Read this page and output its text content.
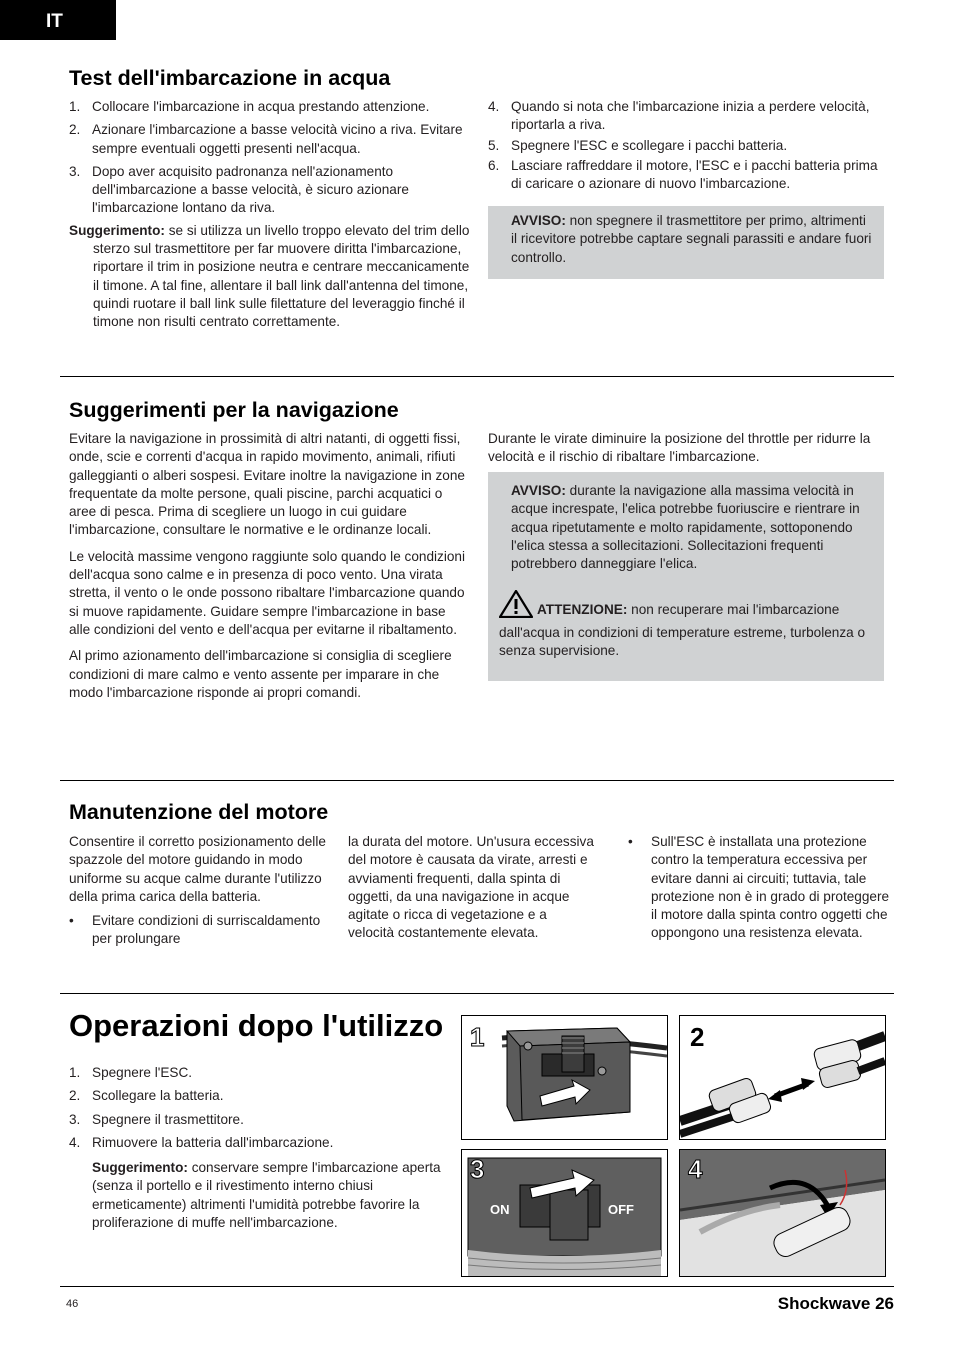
IT
Test dell'imbarcazione in acqua
1. Collocare l'imbarcazione in acqua prestando attenzione.
2. Azionare l'imbarcazione a basse velocità vicino a riva. Evitare sempre eventuali oggetti presenti nell'acqua.
3. Dopo aver acquisito padronanza nell'azionamento dell'imbarcazione a basse velocità, è sicuro azionare l'imbarcazione lontano da riva.

Suggerimento: se si utilizza un livello troppo elevato del trim dello sterzo sul trasmettitore per far muovere diritta l'imbarcazione, riportare il trim in posizione neutra e centrare meccanicamente il timone. A tal fine, allentare il ball link dall'antenna del timone, quindi ruotare il ball link sulle filettature del leveraggio finché il timone non risulti centrato correttamente.

4. Quando si nota che l'imbarcazione inizia a perdere velocità, riportarla a riva.
5. Spegnere l'ESC e scollegare i pacchi batteria.
6. Lasciare raffreddare il motore, l'ESC e i pacchi batteria prima di caricare o azionare di nuovo l'imbarcazione.
AVVISO: non spegnere il trasmettitore per primo, altrimenti il ricevitore potrebbe captare segnali parassiti e andare fuori controllo.
Suggerimenti per la navigazione

Evitare la navigazione in prossimità di altri natanti, di oggetti fissi, onde, scie e correnti d'acqua in rapido movimento, animali, rifiuti galleggianti o alberi sospesi. Evitare inoltre la navigazione in zone frequentate da molte persone, quali piscine, parchi acquatici o aree di pesca. Prima di scegliere un luogo in cui guidare l'imbarcazione, consultare le normative e le ordinanze locali.

Le velocità massime vengono raggiunte solo quando le condizioni dell'acqua sono calme e in presenza di poco vento. Una virata stretta, il vento o le onde possono ribaltare l'imbarcazione quando si muove rapidamente. Guidare sempre l'imbarcazione in base alle condizioni del vento e dell'acqua per evitarne il ribaltamento.

Al primo azionamento dell'imbarcazione si consiglia di scegliere condizioni di mare calmo e vento assente per imparare in che modo l'imbarcazione risponde ai propri comandi.

Durante le virate diminuire la posizione del throttle per ridurre la velocità e il rischio di ribaltare l'imbarcazione.

AVVISO: durante la navigazione alla massima velocità in acque increspate, l'elica potrebbe fuoriuscire e rientrare in acqua ripetutamente e molto rapidamente, sottoponendo l'elica stessa a sollecitazioni. Sollecitazioni frequenti potrebbero danneggiare l'elica.

ATTENZIONE: non recuperare mai l'imbarcazione dall'acqua in condizioni di temperature estreme, turbolenza o senza supervisione.

Manutenzione del motore

Consentire il corretto posizionamento delle spazzole del motore guidando in modo uniforme su acque calme durante l'utilizzo della prima carica della batteria.

• Evitare condizioni di surriscaldamento per prolungare

la durata del motore. Un'usura eccessiva del motore è causata da virate, arresti e avviamenti frequenti, dalla spinta di oggetti, da una navigazione in acque agitate o ricca di vegetazione e a velocità costantemente elevata.

• Sull'ESC è installata una protezione contro la temperatura eccessiva per evitare danni ai circuiti; tuttavia, tale protezione non è in grado di proteggere il motore dalla spinta contro oggetti che oppongono una resistenza elevata.
Operazioni dopo l'utilizzo
1. Spegnere l'ESC.
2. Scollegare la batteria.
3. Spegnere il trasmettitore.
4. Rimuovere la batteria dall'imbarcazione.

Suggerimento: conservare sempre l'imbarcazione aperta (senza il portello e il rivestimento interno chiusi ermeticamente) altrimenti l'umidità potrebbe favorire la proliferazione di muffe nell'imbarcazione.

1	2
ON	OFF
3	4
46	Shockwave 26
